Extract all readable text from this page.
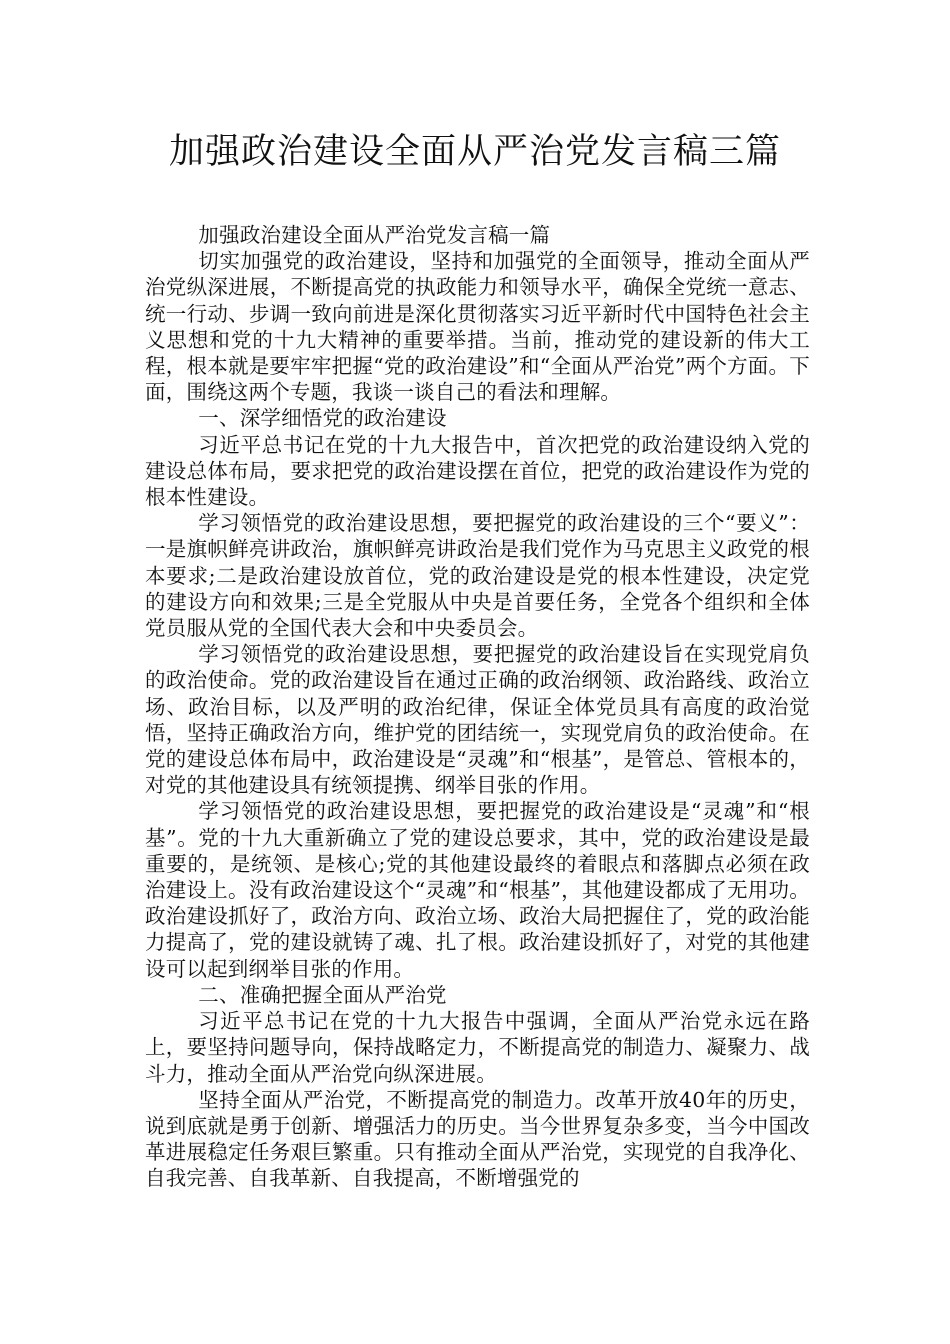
加强政治建设全面从严治党发言稿三篇

加强政治建设全面从严治党发言稿一篇

切实加强党的政治建设，坚持和加强党的全面领导，推动全面从严治党纵深进展，不断提高党的执政能力和领导水平，确保全党统一意志、统一行动、步调一致向前进是深化贯彻落实习近平新时代中国特色社会主义思想和党的十九大精神的重要举措。当前，推动党的建设新的伟大工程，根本就是要牢牢把握“党的政治建设”和“全面从严治党”两个方面。下面，围绕这两个专题，我谈一谈自己的看法和理解。

一、深学细悟党的政治建设

习近平总书记在党的十九大报告中，首次把党的政治建设纳入党的建设总体布局，要求把党的政治建设摆在首位，把党的政治建设作为党的根本性建设。

学习领悟党的政治建设思想，要把握党的政治建设的三个“要义”：一是旗帜鲜亮讲政治，旗帜鲜亮讲政治是我们党作为马克思主义政党的根本要求;二是政治建设放首位，党的政治建设是党的根本性建设，决定党的建设方向和效果;三是全党服从中央是首要任务，全党各个组织和全体党员服从党的全国代表大会和中央委员会。

学习领悟党的政治建设思想，要把握党的政治建设旨在实现党肩负的政治使命。党的政治建设旨在通过正确的政治纲领、政治路线、政治立场、政治目标，以及严明的政治纪律，保证全体党员具有高度的政治觉悟，坚持正确政治方向，维护党的团结统一，实现党肩负的政治使命。在党的建设总体布局中，政治建设是“灵魂”和“根基”，是管总、管根本的，对党的其他建设具有统领提携、纲举目张的作用。

学习领悟党的政治建设思想，要把握党的政治建设是“灵魂”和“根基”。党的十九大重新确立了党的建设总要求，其中，党的政治建设是最重要的，是统领、是核心;党的其他建设最终的着眼点和落脚点必须在政治建设上。没有政治建设这个“灵魂”和“根基”，其他建设都成了无用功。政治建设抓好了，政治方向、政治立场、政治大局把握住了，党的政治能力提高了，党的建设就铸了魂、扎了根。政治建设抓好了，对党的其他建设可以起到纲举目张的作用。

二、准确把握全面从严治党

习近平总书记在党的十九大报告中强调，全面从严治党永远在路上，要坚持问题导向，保持战略定力，不断提高党的制造力、凝聚力、战斗力，推动全面从严治党向纵深进展。

坚持全面从严治党，不断提高党的制造力。改革开放40年的历史，说到底就是勇于创新、增强活力的历史。当今世界复杂多变，当今中国改革进展稳定任务艰巨繁重。只有推动全面从严治党，实现党的自我净化、自我完善、自我革新、自我提高，不断增强党的
